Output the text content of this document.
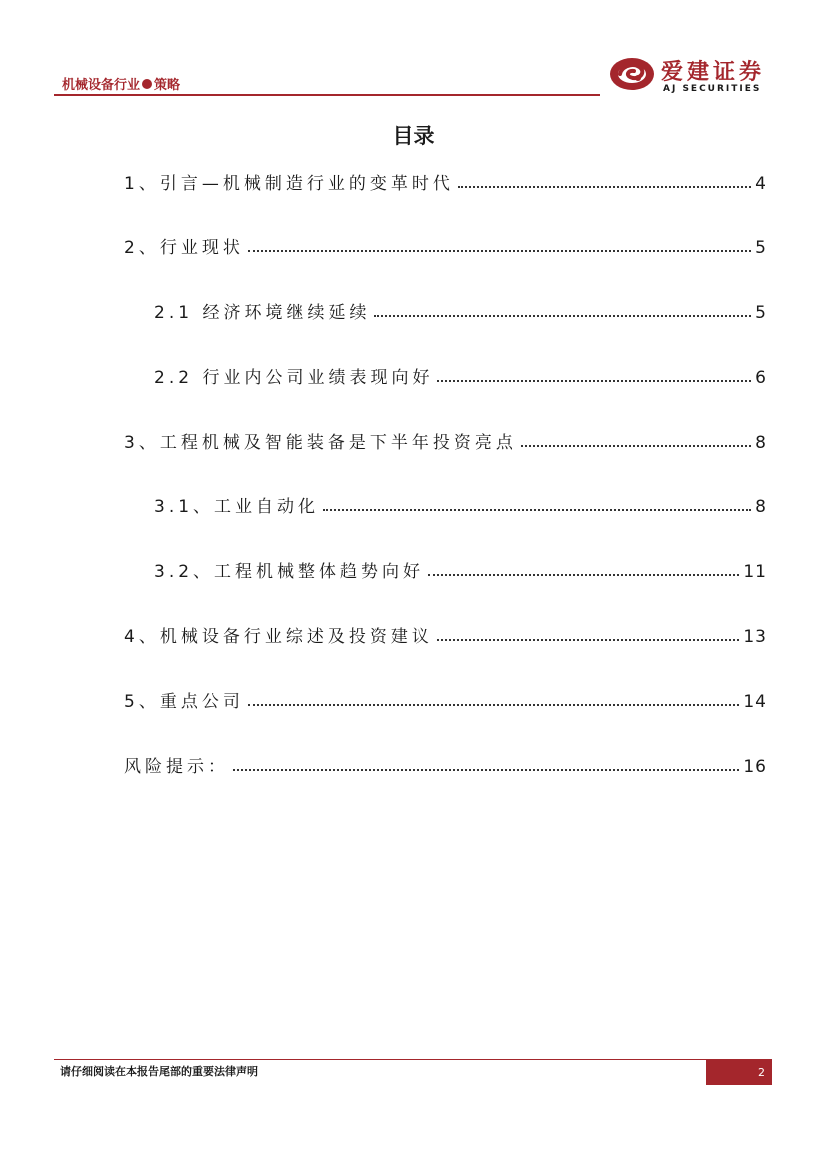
机械设备行业 策略
爱建证券
AJ SECURITIES
目录
1、引言—机械制造行业的变革时代	4
2、行业现状	5
2.1 经济环境继续延续	5
2.2 行业内公司业绩表现向好	6
3、工程机械及智能装备是下半年投资亮点	8
3.1、工业自动化	8
3.2、工程机械整体趋势向好	11
4、机械设备行业综述及投资建议	13
5、重点公司	14
风险提示：	16
请仔细阅读在本报告尾部的重要法律声明	2
